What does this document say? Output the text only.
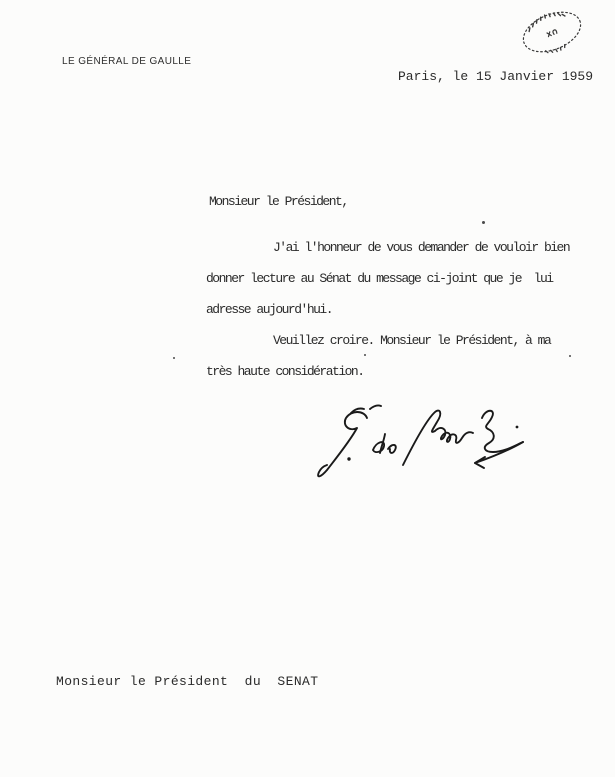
LE GÉNÉRAL DE GAULLE
Paris, le 15 Janvier 1959
Monsieur le Président,
J'ai l'honneur de vous demander de vouloir bien
donner lecture au Sénat du message ci-joint que je  lui
adresse aujourd'hui.
Veuillez croire. Monsieur le Président, à ma
très haute considération.
Monsieur le Président  du  SENAT
